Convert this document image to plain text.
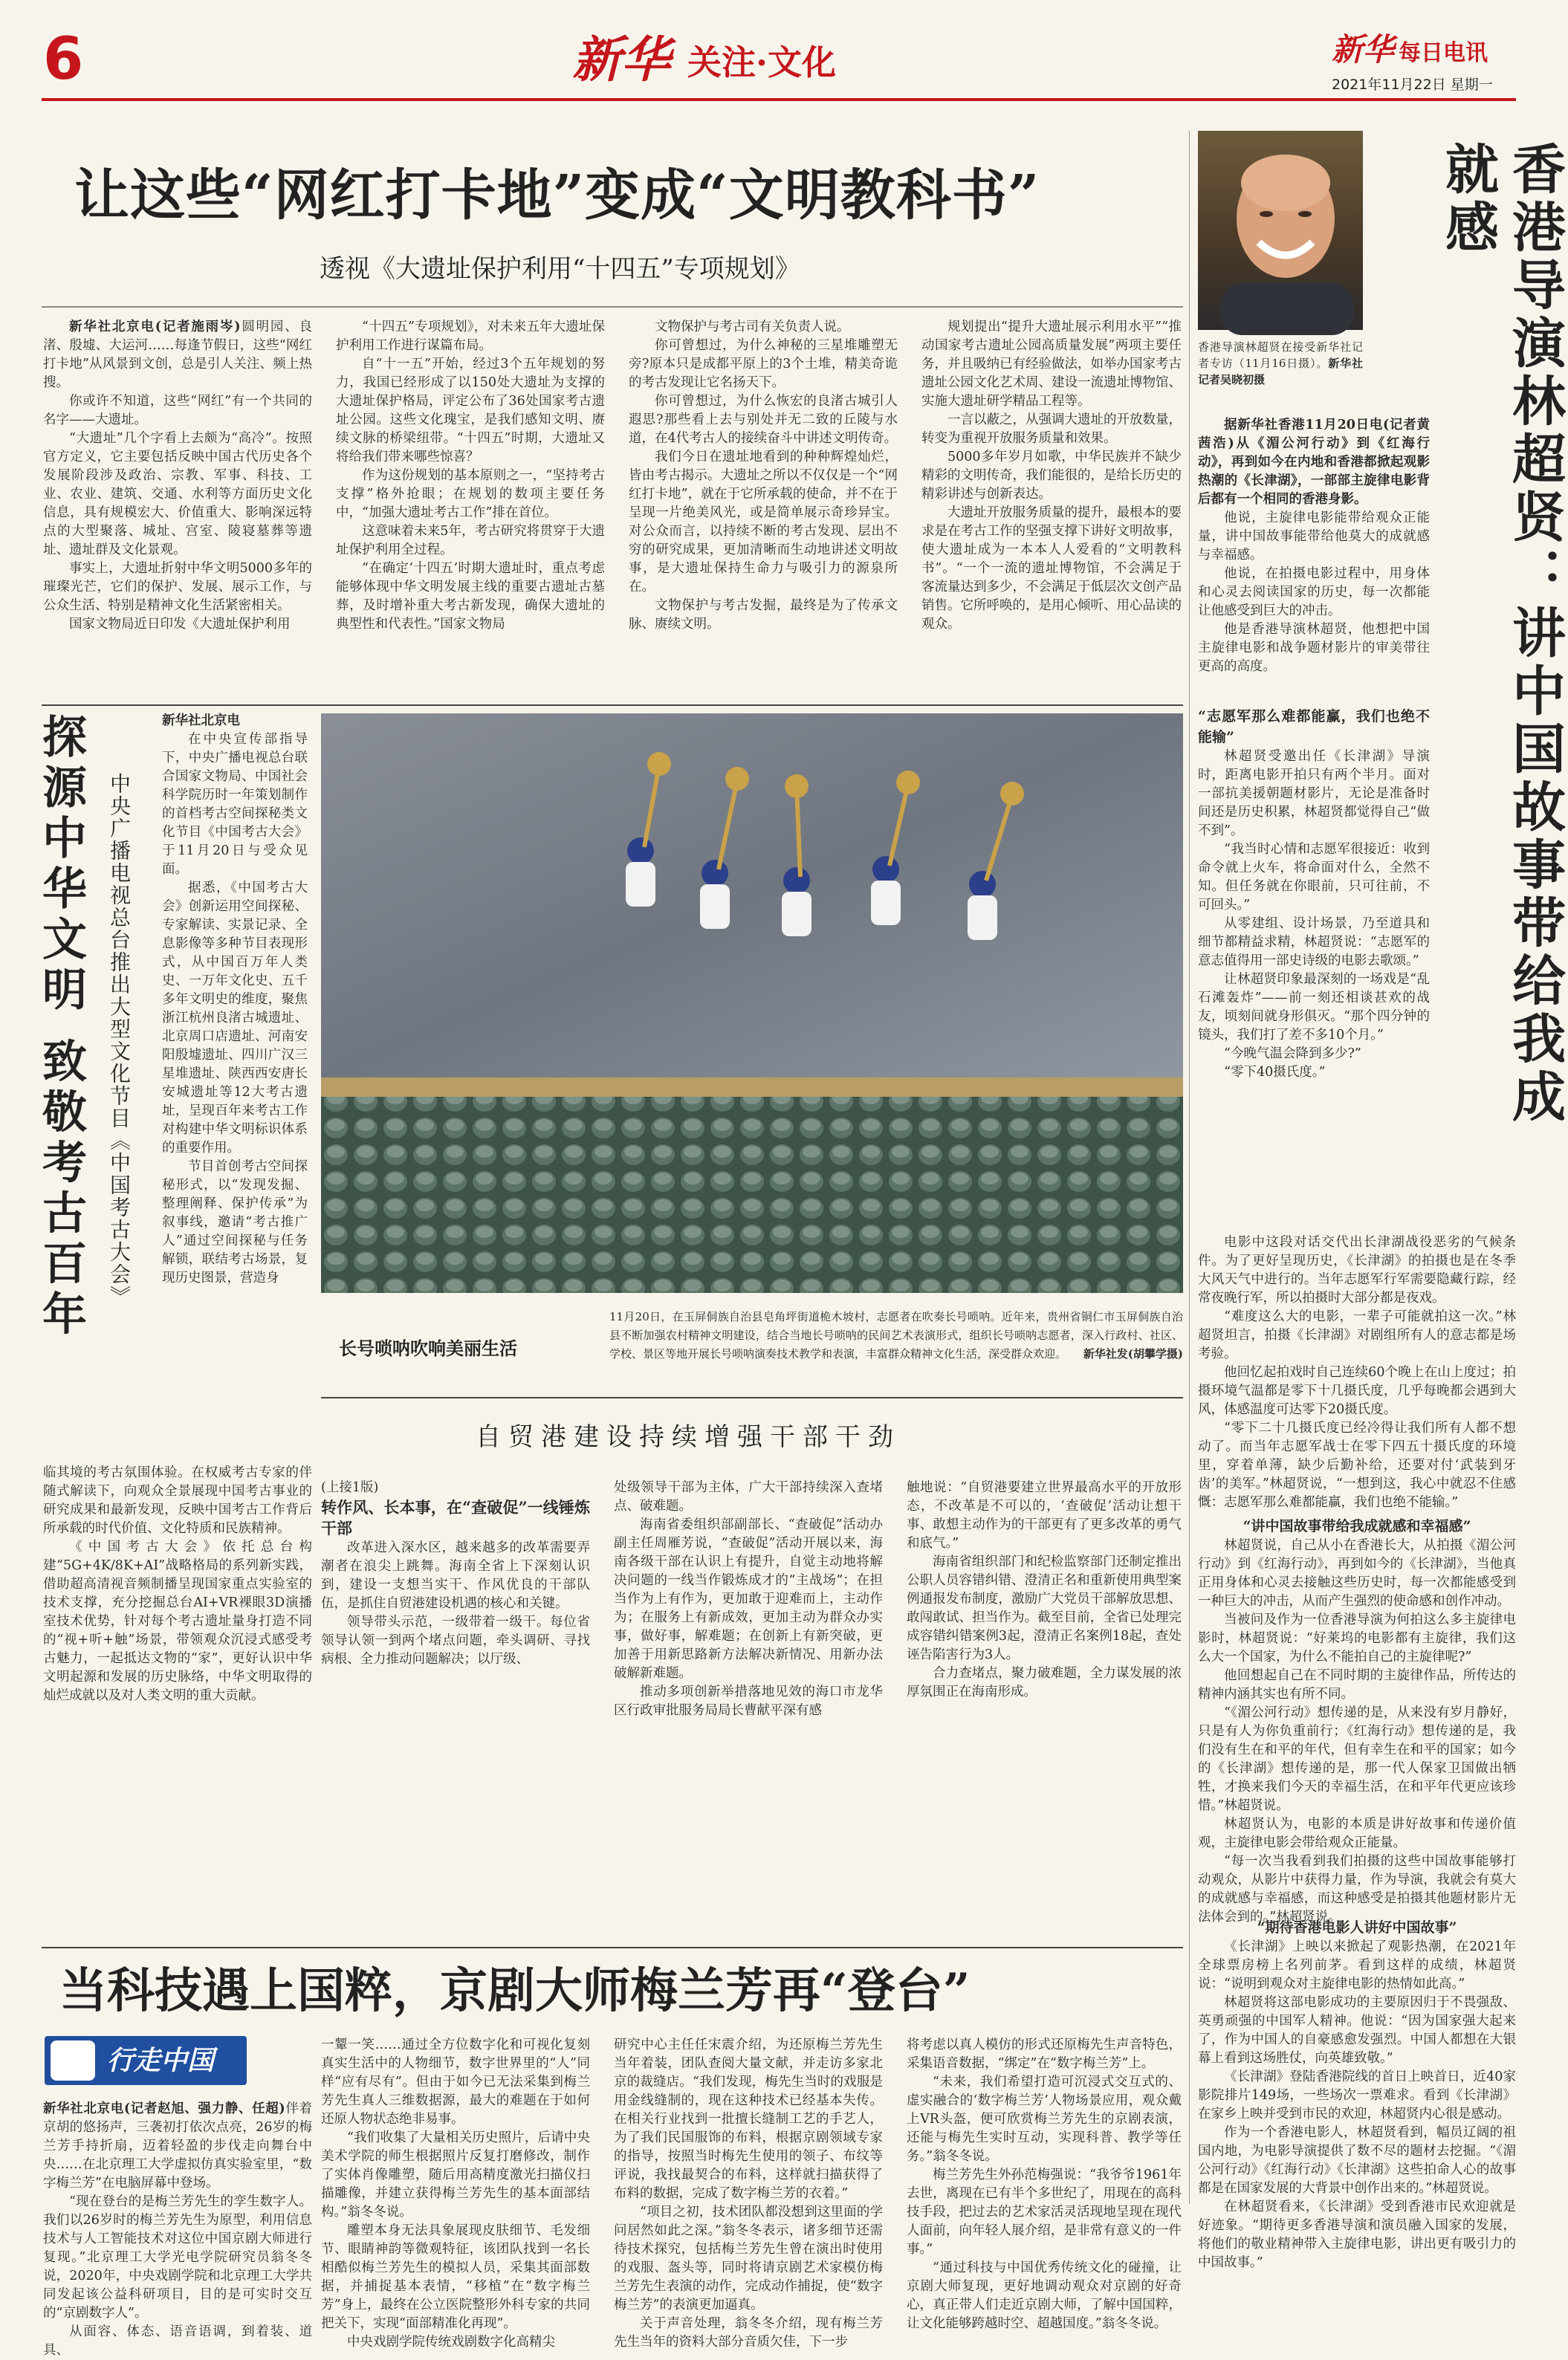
6	新华 关注·文化	新华 每日电讯
2021年11月22日 星期一
让这些“网红打卡地”变成“文明教科书”
透视《大遗址保护利用“十四五”专项规划》

新华社北京电(记者施雨岑)圆明园、良渚、殷墟、大运河……每逢节假日，这些“网红打卡地”从风景到文创，总是引人关注、频上热搜。

你或许不知道，这些“网红”有一个共同的名字——大遗址。

“大遗址”几个字看上去颇为“高冷”。按照官方定义，它主要包括反映中国古代历史各个发展阶段涉及政治、宗教、军事、科技、工业、农业、建筑、交通、水利等方面历史文化信息，具有规模宏大、价值重大、影响深远特点的大型聚落、城址、宫室、陵寝墓葬等遗址、遗址群及文化景观。

事实上，大遗址折射中华文明5000多年的璀璨光芒，它们的保护、发展、展示工作，与公众生活、特别是精神文化生活紧密相关。

国家文物局近日印发《大遗址保护利用

“十四五”专项规划》，对未来五年大遗址保护利用工作进行谋篇布局。

自“十一五”开始，经过3个五年规划的努力，我国已经形成了以150处大遗址为支撑的大遗址保护格局，评定公布了36处国家考古遗址公园。这些文化瑰宝，是我们感知文明、赓续文脉的桥梁纽带。“十四五”时期，大遗址又将给我们带来哪些惊喜？

作为这份规划的基本原则之一，“坚持考古支撑”格外抢眼；在规划的数项主要任务中，“加强大遗址考古工作”排在首位。

这意味着未来5年，考古研究将贯穿于大遗址保护利用全过程。

“在确定‘十四五’时期大遗址时，重点考虑能够体现中华文明发展主线的重要古遗址古墓葬，及时增补重大考古新发现，确保大遗址的典型性和代表性。”国家文物局

文物保护与考古司有关负责人说。

你可曾想过，为什么神秘的三星堆雕塑无旁?原本只是成都平原上的3个土堆，精美奇诡的考古发现让它名扬天下。

你可曾想过，为什么恢宏的良渚古城引人遐思?那些看上去与别处并无二致的丘陵与水道，在4代考古人的接续奋斗中讲述文明传奇。

我们今日在遗址地看到的种种辉煌灿烂，皆由考古揭示。大遗址之所以不仅仅是一个“网红打卡地”，就在于它所承载的使命，并不在于呈现一片绝美风光，或是简单展示奇珍异宝。对公众而言，以持续不断的考古发现、层出不穷的研究成果，更加清晰而生动地讲述文明故事，是大遗址保持生命力与吸引力的源泉所在。

文物保护与考古发掘，最终是为了传承文脉、赓续文明。

规划提出“提升大遗址展示利用水平”“推动国家考古遗址公园高质量发展”两项主要任务，并且吸纳已有经验做法，如举办国家考古遗址公园文化艺术周、建设一流遗址博物馆、实施大遗址研学精品工程等。

一言以蔽之，从强调大遗址的开放数量，转变为重视开放服务质量和效果。

5000多年岁月如歌，中华民族并不缺少精彩的文明传奇，我们能很的，是给长历史的精彩讲述与创新表达。

大遗址开放服务质量的提升，最根本的要求是在考古工作的坚强支撑下讲好文明故事，使大遗址成为一本本人人爱看的“文明教科书”。“一个一流的遗址博物馆，不会满足于客流量达到多少，不会满足于低层次文创产品销售。它所呼唤的，是用心倾听、用心品读的观众。

香港导演林超贤在接受新华社记者专访（11月16日摄）。新华社记者吴晓初摄	香港导演林超贤：讲中国故事带给我成就感

据新华社香港11月20日电(记者黄茜浩)从《湄公河行动》到《红海行动》，再到如今在内地和香港都掀起观影热潮的《长津湖》，一部部主旋律电影背后都有一个相同的香港身影。

他说，主旋律电影能带给观众正能量，讲中国故事能带给他莫大的成就感与幸福感。

他说，在拍摄电影过程中，用身体和心灵去阅读国家的历史，每一次都能让他感受到巨大的冲击。

他是香港导演林超贤，他想把中国主旋律电影和战争题材影片的审美带往更高的高度。

“志愿军那么难都能赢，我们也绝不能输”

林超贤受邀出任《长津湖》导演时，距离电影开拍只有两个半月。面对一部抗美援朝题材影片，无论是准备时间还是历史积累，林超贤都觉得自己“做不到”。

“我当时心情和志愿军很接近：收到命令就上火车，将命面对什么，全然不知。但任务就在你眼前，只可往前，不可回头。”

从零建组、设计场景，乃至道具和细节都精益求精，林超贤说：“志愿军的意志值得用一部史诗级的电影去歌颂。”

让林超贤印象最深刻的一场戏是“乱石滩轰炸”——前一刻还相谈甚欢的战友，顷刻间就身形俱灭。“那个四分钟的镜头，我们打了差不多10个月。”

“今晚气温会降到多少?”

“零下40摄氏度。”

电影中这段对话交代出长津湖战役恶劣的气候条件。为了更好呈现历史，《长津湖》的拍摄也是在冬季大风天气中进行的。当年志愿军行军需要隐藏行踪，经常夜晚行军，所以拍摄时大部分都是夜戏。

“难度这么大的电影，一辈子可能就拍这一次。”林超贤坦言，拍摄《长津湖》对剧组所有人的意志都是场考验。

他回忆起拍戏时自己连续60个晚上在山上度过；拍摄环境气温都是零下十几摄氏度，几乎每晚都会遇到大风，体感温度可达零下20摄氏度。

“零下二十几摄氏度已经冷得让我们所有人都不想动了。而当年志愿军战士在零下四五十摄氏度的环境里，穿着单薄，缺少后勤补给，还要对付‘武装到牙齿’的美军。”林超贤说，“一想到这，我心中就忍不住感慨：志愿军那么难都能赢，我们也绝不能输。”

“讲中国故事带给我成就感和幸福感”

林超贤说，自己从小在香港长大，从拍摄《湄公河行动》到《红海行动》，再到如今的《长津湖》，当他真正用身体和心灵去接触这些历史时，每一次都能感受到一种巨大的冲击，从而产生强烈的使命感和创作冲动。

当被问及作为一位香港导演为何拍这么多主旋律电影时，林超贤说：“好莱坞的电影都有主旋律，我们这么大一个国家，为什么不能拍自己的主旋律呢?”

他回想起自己在不同时期的主旋律作品，所传达的精神内涵其实也有所不同。

“《湄公河行动》想传递的是，从来没有岁月静好，只是有人为你负重前行；《红海行动》想传递的是，我们没有生在和平的年代，但有幸生在和平的国家；如今的《长津湖》想传递的是，那一代人保家卫国做出牺牲，才换来我们今天的幸福生活，在和平年代更应该珍惜。”林超贤说。

林超贤认为，电影的本质是讲好故事和传递价值观，主旋律电影会带给观众正能量。

“每一次当我看到我们拍摄的这些中国故事能够打动观众，从影片中获得力量，作为导演，我就会有莫大的成就感与幸福感，而这种感受是拍摄其他题材影片无法体会到的。”林超贤说。

“期待香港电影人讲好中国故事”

《长津湖》上映以来掀起了观影热潮，在2021年全球票房榜上名列前茅。看到这样的成绩，林超贤说：“说明到观众对主旋律电影的热情如此高。”

林超贤将这部电影成功的主要原因归于不畏强敌、英勇顽强的中国军人精神。他说：“因为国家强大起来了，作为中国人的自豪感愈发强烈。中国人都想在大银幕上看到这场胜仗，向英雄致敬。”

《长津湖》登陆香港院线的首日上映首日，近40家影院排片149场，一些场次一票难求。看到《长津湖》在家乡上映并受到市民的欢迎，林超贤内心很是感动。

作为一个香港电影人，林超贤看到，幅员辽阔的祖国内地，为电影导演提供了数不尽的题材去挖掘。“《湄公河行动》《红海行动》《长津湖》这些拍命人心的故事都是在国家发展的大背景中创作出来的。”林超贤说。

在林超贤看来，《长津湖》受到香港市民欢迎就是好迹象。“期待更多香港导演和演员融入国家的发展，将他们的敬业精神带入主旋律电影，讲出更有吸引力的中国故事。”

探源中华文明 致敬考古百年 中央广播电视总台推出大型文化节目《中国考古大会》

新华社北京电

在中央宣传部指导下，中央广播电视总台联合国家文物局、中国社会科学院历时一年策划制作的首档考古空间探秘类文化节目《中国考古大会》于11月20日与受众见面。

据悉，《中国考古大会》创新运用空间探秘、专家解读、实景记录、全息影像等多种节目表现形式，从中国百万年人类史、一万年文化史、五千多年文明史的维度，聚焦浙江杭州良渚古城遗址、北京周口店遗址、河南安阳殷墟遗址、四川广汉三星堆遗址、陕西西安唐长安城遗址等12大考古遗址，呈现百年来考古工作对构建中华文明标识体系的重要作用。

节目首创考古空间探秘形式，以“发现发掘、整理阐释、保护传承”为叙事线，邀请“考古推广人”通过空间探秘与任务解锁，联结考古场景，复现历史图景，营造身

临其境的考古氛围体验。在权威考古专家的伴随式解读下，向观众全景展现中国考古事业的研究成果和最新发现，反映中国考古工作背后所承载的时代价值、文化特质和民族精神。

《中国考古大会》依托总台构建“5G+4K/8K+AI”战略格局的系列新实践，借助超高清视音频制播呈现国家重点实验室的技术支撑，充分挖掘总台AI+VR裸眼3D演播室技术优势，针对每个考古遗址量身打造不同的“视+听+触”场景，带领观众沉浸式感受考古魅力，一起抵达文物的“家”，更好认识中华文明起源和发展的历史脉络，中华文明取得的灿烂成就以及对人类文明的重大贡献。

长号唢呐吹响美丽生活
11月20日，在玉屏侗族自治县皂角坪街道桅木坡村，志愿者在吹奏长号唢呐。近年来，贵州省铜仁市玉屏侗族自治县不断加强农村精神文明建设，结合当地长号唢呐的民间艺术表演形式，组织长号唢呐志愿者，深入行政村、社区、学校、景区等地开展长号唢呐演奏技术教学和表演，丰富群众精神文化生活，深受群众欢迎。 新华社发(胡攀学摄)
自贸港建设持续增强干部干劲

(上接1版)

转作风、长本事，在“查破促”一线锤炼干部

改革进入深水区，越来越多的改革需要弄潮者在浪尖上跳舞。海南全省上下深刻认识到，建设一支想当实干、作风优良的干部队伍，是抓住自贸港建设机遇的核心和关键。

领导带头示范，一级带着一级干。每位省领导认领一到两个堵点问题，牵头调研、寻找病根、全力推动问题解决；以厅级、

处级领导干部为主体，广大干部持续深入查堵点、破难题。

海南省委组织部副部长、“查破促”活动办副主任周雁芳说，“查破促”活动开展以来，海南各级干部在认识上有提升，自觉主动地将解决问题的一线当作锻炼成才的“主战场”；在担当作为上有作为，更加敢于迎难而上，主动作为；在服务上有新成效，更加主动为群众办实事，做好事，解难题；在创新上有新突破，更加善于用新思路新方法解决新情况、用新办法破解新难题。

推动多项创新举措落地见效的海口市龙华区行政审批服务局局长曹献平深有感

触地说：“自贸港要建立世界最高水平的开放形态，不改革是不可以的，‘查破促’活动让想干事、敢想主动作为的干部更有了更多改革的勇气和底气。”

海南省组织部门和纪检监察部门还制定推出公职人员容错纠错、澄清正名和重新使用典型案例通报发布制度，激励广大党员干部解放思想、敢闯敢试、担当作为。截至目前，全省已处理完成容错纠错案例3起，澄清正名案例18起，查处诬告陷害行为3人。

合力查堵点，聚力破难题，全力谋发展的浓厚氛围正在海南形成。

当科技遇上国粹，京剧大师梅兰芳再“登台”
行走中国

新华社北京电(记者赵旭、强力静、任超)伴着京胡的悠扬声，三袭初打依次点亮，26岁的梅兰芳手持折扇，迈着轻盈的步伐走向舞台中央……在北京理工大学虚拟仿真实验室里，“数字梅兰芳”在电脑屏幕中登场。

“现在登台的是梅兰芳先生的孪生数字人。我们以26岁时的梅兰芳先生为原型，利用信息技术与人工智能技术对这位中国京剧大师进行复现。”北京理工大学光电学院研究员翁冬冬说，2020年，中央戏剧学院和北京理工大学共同发起该公益科研项目，目的是可实时交互的“京剧数字人”。

从面容、体态、语音语调，到着装、道具、

一颦一笑……通过全方位数字化和可视化复刻真实生活中的人物细节，数字世界里的“人”同样“应有尽有”。但由于如今已无法采集到梅兰芳先生真人三维数据源，最大的难题在于如何还原人物状态绝非易事。

“我们收集了大量相关历史照片，后请中央美术学院的师生根据照片反复打磨修改，制作了实体肖像雕塑，随后用高精度激光扫描仪扫描雕像，并建立获得梅兰芳先生的基本面部结构。”翁冬冬说。

雕塑本身无法具象展现皮肤细节、毛发细节、眼睛神韵等微观特征，该团队找到一名长相酷似梅兰芳先生的模拟人员，采集其面部数据，并捕捉基本表情，“移植”在“数字梅兰芳”身上，最终在公立医院整形外科专家的共同把关下，实现“面部精准化再现”。

中央戏剧学院传统戏剧数字化高精尖

研究中心主任任宋震介绍，为还原梅兰芳先生当年着装，团队查阅大量文献，并走访多家北京的裁缝店。“我们发现，梅先生当时的戏服是用金线缝制的，现在这种技术已经基本失传。在相关行业找到一批擅长缝制工艺的手艺人，为了我们民国服饰的布料，根据京剧领域专家的指导，按照当时梅先生使用的领子、布纹等评说，我找最契合的布料，这样就扫描获得了布料的数据，完成了数字梅兰芳的衣着。”

“项目之初，技术团队都没想到这里面的学问居然如此之深。”翁冬冬表示，诸多细节还需待技术探究，包括梅兰芳先生曾在演出时使用的戏服、盔头等，同时将请京剧艺术家模仿梅兰芳先生表演的动作，完成动作捕捉，使“数字梅兰芳”的表演更加逼真。

关于声音处理，翁冬冬介绍，现有梅兰芳先生当年的资料大部分音质欠佳，下一步

将考虑以真人模仿的形式还原梅先生声音特色，采集语音数据，“绑定”在“数字梅兰芳”上。

“未来，我们希望打造可沉浸式交互式的、虚实融合的‘数字梅兰芳’人物场景应用，观众戴上VR头盔，便可欣赏梅兰芳先生的京剧表演，还能与梅先生实时互动，实现科普、教学等任务。”翁冬冬说。

梅兰芳先生外孙范梅强说：“我爷爷1961年去世，离现在已有半个多世纪了，用现在的高科技手段，把过去的艺术家活灵活现地呈现在现代人面前，向年轻人展介绍，是非常有意义的一件事。”

“通过科技与中国优秀传统文化的碰撞，让京剧大师复现，更好地调动观众对京剧的好奇心，真正带人们走近京剧大师，了解中国国粹，让文化能够跨越时空、超越国度。”翁冬冬说。
